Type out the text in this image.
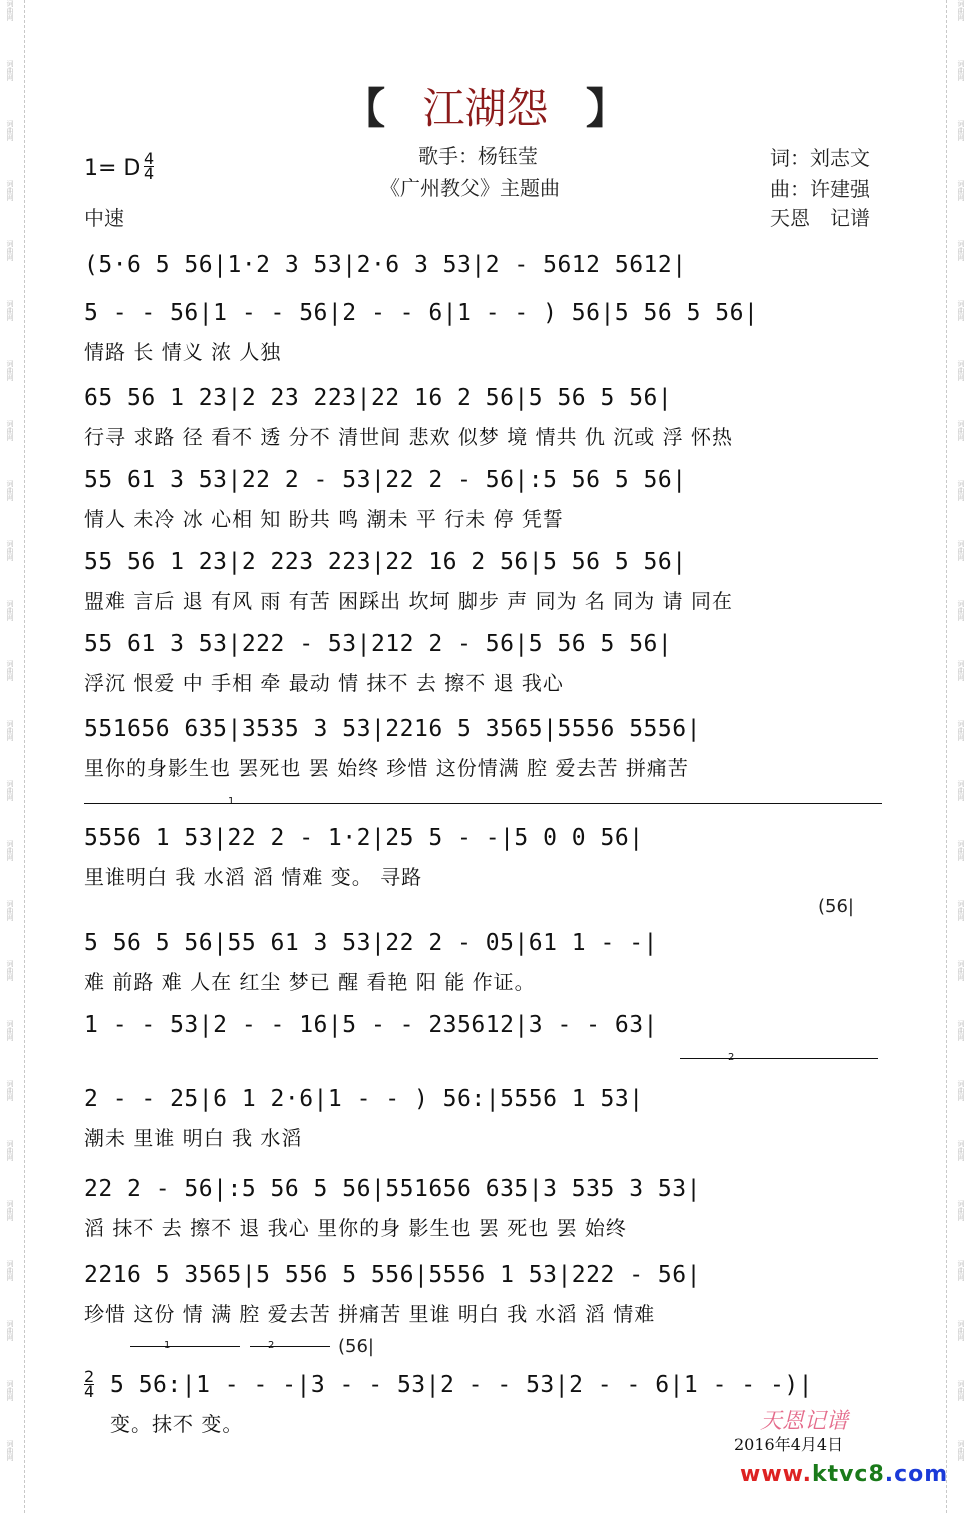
【 江湖怨 】
歌手：杨钰莹
《广州教父》主题曲
词：刘志文
曲：许建强
天恩　记谱
1= D $\frac{4}{4}$
中速
(5·6 5 56|1·2 3 53|2·6 3 53|2 - 5612 5612|
5 - - 56|1 - - 56|2 - - 6|1 - - ) 56|5 56 5 56|
情路 长 情义 浓 人独
65 56 1 23|2 23 223|22 16 2 56|5 56 5 56|
行寻 求路 径 看不 透 分不 清世间 悲欢 似梦 境 情共 仇 沉或 浮 怀热
55 61 3 53|22 2 - 53|22 2 - 56|:5 56 5 56|
情人 未冷 冰 心相 知 盼共 鸣 潮未 平 行未 停 凭誓
55 56 1 23|2 223 223|22 16 2 56|5 56 5 56|
盟难 言后 退 有风 雨 有苦 困踩出 坎坷 脚步 声 同为 名 同为 请 同在
55 61 3 53|222 - 53|212 2 - 56|5 56 5 56|
浮沉 恨爱 中 手相 牵 最动 情 抹不 去 擦不 退 我心
551656 635|3535 3 53|2216 5 3565|5556 5556|
里你的身影生也 罢死也 罢 始终 珍惜 这份情满 腔 爱去苦 拼痛苦
5556 1 53|22 2 - 1·2|25 5 - -|5 0 0 56|
里谁明白 我 水滔 滔 情难 变。 寻路
5 56 5 56|55 61 3 53|22 2 - 05|61 1 - -|
难 前路 难 人在 红尘 梦已 醒 看艳 阳 能 作证。
1 - - 53|2 - - 16|5 - - 235612|3 - - 63|
2 - - 25|6 1 2·6|1 - - ) 56:|5556 1 53|
潮未 里谁 明白 我 水滔
22 2 - 56|:5 56 5 56|551656 635|3 535 3 53|
滔 抹不 去 擦不 退 我心 里你的身 影生也 罢 死也 罢 始终
2216 5 3565|5 556 5 556|5556 1 53|222 - 56|
珍惜 这份 情 满 腔 爱去苦 拼痛苦 里谁 明白 我 水滔 滔 情难
5 56:|1 - - -|3 - - 53|2 - - 53|2 - - 6|1 - - -)|
变。抹不 变。
(56|
(56|
1
2
1	2
$\frac{2}{4}$
天恩记谱
2016年4月4日
www.ktvc8.com
词曲网
词曲网
词曲网
词曲网
词曲网
词曲网
词曲网
词曲网
词曲网
词曲网
词曲网
词曲网
词曲网
词曲网
词曲网
词曲网
词曲网
词曲网
词曲网
词曲网
词曲网
词曲网
词曲网
词曲网
词曲网
词曲网
词曲网
词曲网
词曲网
词曲网
词曲网
词曲网
词曲网
词曲网
词曲网
词曲网
词曲网
词曲网
词曲网
词曲网
词曲网
词曲网
词曲网
词曲网
词曲网
词曲网
词曲网
词曲网
词曲网
词曲网
